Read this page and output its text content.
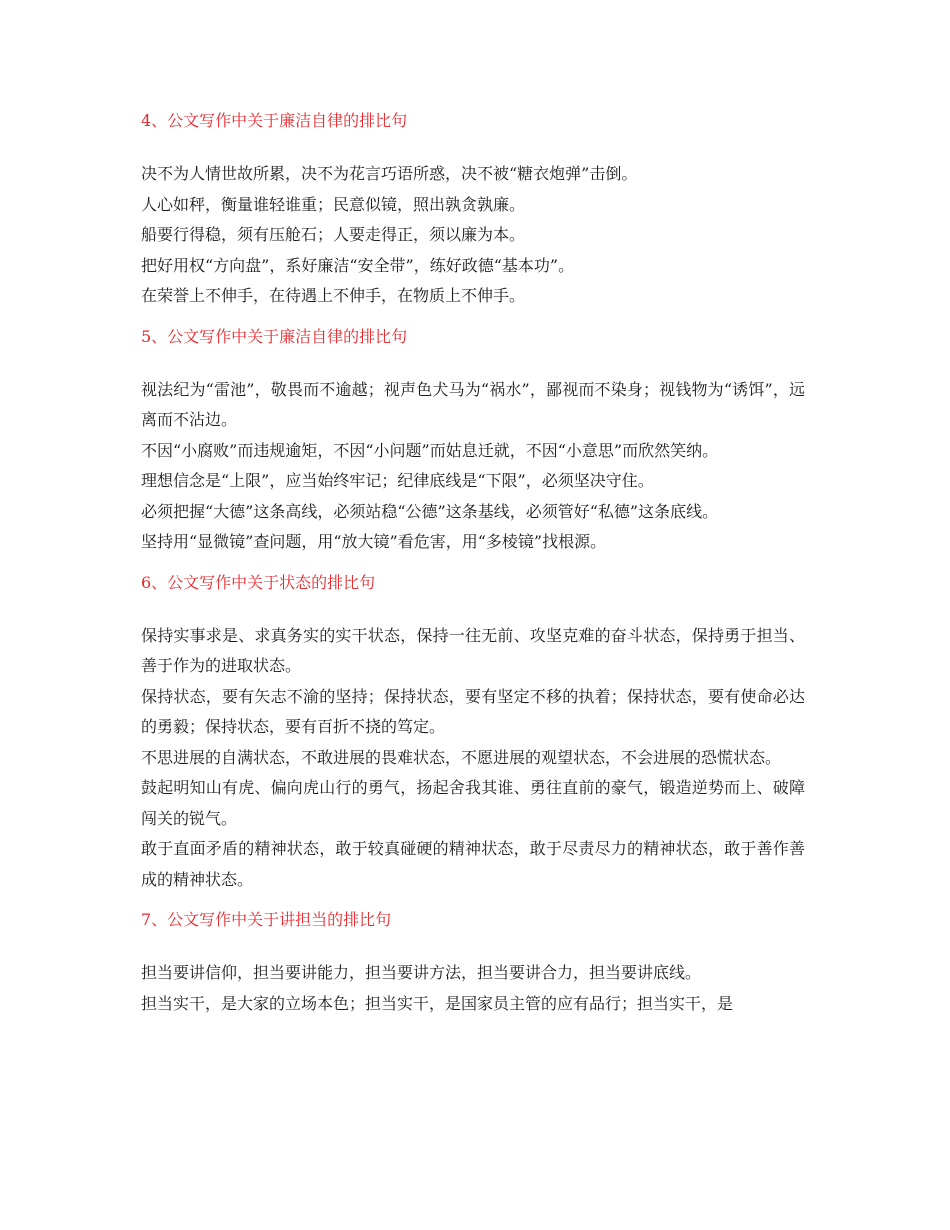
4、公文写作中关于廉洁自律的排比句

决不为人情世故所累，决不为花言巧语所惑，决不被“糖衣炮弹”击倒。

人心如秤，衡量谁轻谁重；民意似镜，照出孰贪孰廉。

船要行得稳，须有压舱石；人要走得正，须以廉为本。

把好用权“方向盘”，系好廉洁“安全带”，练好政德“基本功”。

在荣誉上不伸手，在待遇上不伸手，在物质上不伸手。

5、公文写作中关于廉洁自律的排比句

视法纪为“雷池”，敬畏而不逾越；视声色犬马为“祸水”，鄙视而不染身；视钱物为“诱饵”，远离而不沾边。

不因“小腐败”而违规逾矩，不因“小问题”而姑息迁就，不因“小意思”而欣然笑纳。

理想信念是“上限”，应当始终牢记；纪律底线是“下限”，必须坚决守住。

必须把握“大德”这条高线，必须站稳“公德”这条基线，必须管好“私德”这条底线。

坚持用“显微镜”查问题，用“放大镜”看危害，用“多棱镜”找根源。

6、公文写作中关于状态的排比句

保持实事求是、求真务实的实干状态，保持一往无前、攻坚克难的奋斗状态，保持勇于担当、善于作为的进取状态。

保持状态，要有矢志不渝的坚持；保持状态，要有坚定不移的执着；保持状态，要有使命必达的勇毅；保持状态，要有百折不挠的笃定。

不思进展的自满状态，不敢进展的畏难状态，不愿进展的观望状态，不会进展的恐慌状态。

鼓起明知山有虎、偏向虎山行的勇气，扬起舍我其谁、勇往直前的豪气，锻造逆势而上、破障闯关的锐气。

敢于直面矛盾的精神状态，敢于较真碰硬的精神状态，敢于尽责尽力的精神状态，敢于善作善成的精神状态。

7、公文写作中关于讲担当的排比句

担当要讲信仰，担当要讲能力，担当要讲方法，担当要讲合力，担当要讲底线。

担当实干，是大家的立场本色；担当实干，是国家员主管的应有品行；担当实干，是
